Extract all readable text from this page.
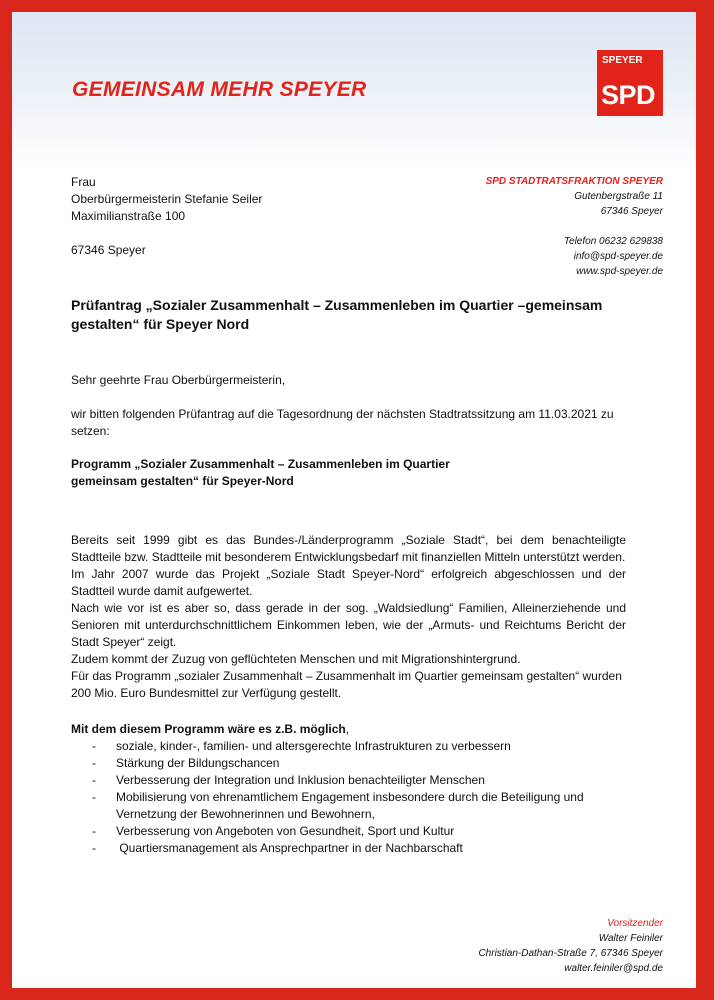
GEMEINSAM MEHR SPEYER
SPEYER
SPD
Frau
Oberbürgermeisterin Stefanie Seiler
Maximilianstraße 100
67346 Speyer
SPD STADTRATSFRAKTION SPEYER
Gutenbergstraße 11
67346 Speyer
Telefon 06232 629838
info@spd-speyer.de
www.spd-speyer.de
Prüfantrag „Sozialer Zusammenhalt – Zusammenleben im Quartier –gemeinsam gestalten“ für Speyer Nord

Sehr geehrte Frau Oberbürgermeisterin,

wir bitten folgenden Prüfantrag auf die Tagesordnung der nächsten Stadtratssitzung am 11.03.2021 zu setzen:

Programm „Sozialer Zusammenhalt – Zusammenleben im Quartier
gemeinsam gestalten“ für Speyer-Nord

Bereits seit 1999 gibt es das Bundes-/Länderprogramm „Soziale Stadt“, bei dem benachteiligte Stadtteile bzw. Stadtteile mit besonderem Entwicklungsbedarf mit finanziellen Mitteln unterstützt werden.

Im Jahr 2007 wurde das Projekt „Soziale Stadt Speyer-Nord“ erfolgreich abgeschlossen und der Stadtteil wurde damit aufgewertet.

Nach wie vor ist es aber so, dass gerade in der sog. „Waldsiedlung“ Familien, Alleinerziehende und Senioren mit unterdurchschnittlichem Einkommen leben, wie der „Armuts- und Reichtums Bericht der Stadt Speyer“ zeigt.

Zudem kommt der Zuzug von geflüchteten Menschen und mit Migrationshintergrund.

Für das Programm „sozialer Zusammenhalt – Zusammenhalt im Quartier gemeinsam gestalten“ wurden 200 Mio. Euro Bundesmittel zur Verfügung gestellt.

Mit dem diesem Programm wäre es z.B. möglich,

- soziale, kinder-, familien- und altersgerechte Infrastrukturen zu verbessern
- Stärkung der Bildungschancen
- Verbesserung der Integration und Inklusion benachteiligter Menschen
- Mobilisierung von ehrenamtlichem Engagement insbesondere durch die Beteiligung und Vernetzung der Bewohnerinnen und Bewohnern,
- Verbesserung von Angeboten von Gesundheit, Sport und Kultur
-  Quartiersmanagement als Ansprechpartner in der Nachbarschaft
Vorsitzender
Walter Feiniler
Christian-Dathan-Straße 7, 67346 Speyer
walter.feiniler@spd.de
